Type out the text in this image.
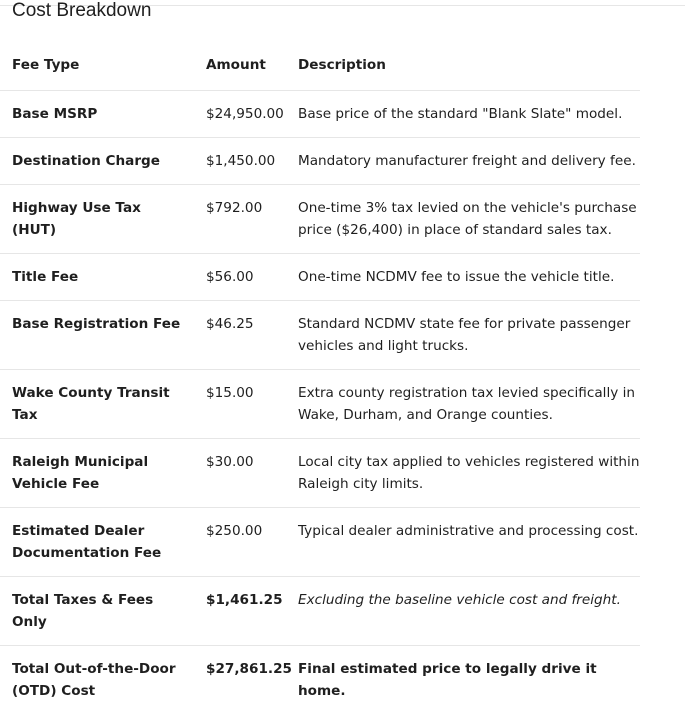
Cost Breakdown
Fee Type	Amount	Description
Base MSRP	$24,950.00	Base price of the standard "Blank Slate" model.
Destination Charge	$1,450.00	Mandatory manufacturer freight and delivery fee.
Highway Use Tax (HUT)	$792.00	One-time 3% tax levied on the vehicle's purchase price ($26,400) in place of standard sales tax.
Title Fee	$56.00	One-time NCDMV fee to issue the vehicle title.
Base Registration Fee	$46.25	Standard NCDMV state fee for private passenger vehicles and light trucks.
Wake County Transit Tax	$15.00	Extra county registration tax levied specifically in Wake, Durham, and Orange counties.
Raleigh Municipal Vehicle Fee	$30.00	Local city tax applied to vehicles registered within Raleigh city limits.
Estimated Dealer Documentation Fee	$250.00	Typical dealer administrative and processing cost.
Total Taxes & Fees Only	$1,461.25	Excluding the baseline vehicle cost and freight.
Total Out-of-the-Door (OTD) Cost	$27,861.25	Final estimated price to legally drive it home.
